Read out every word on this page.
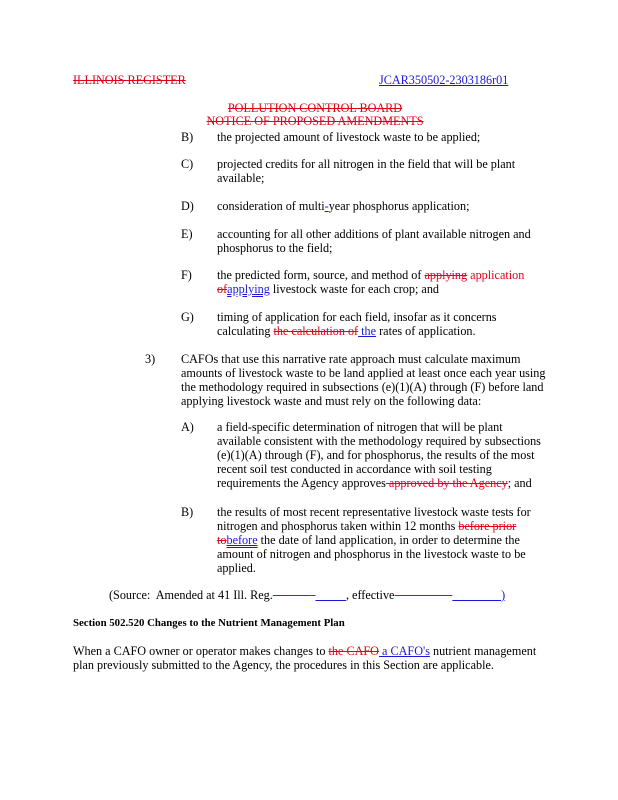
ILLINOIS REGISTER	JCAR350502-2303186r01
POLLUTION CONTROL BOARD
NOTICE OF PROPOSED AMENDMENTS
B) the projected amount of livestock waste to be applied;
C) projected credits for all nitrogen in the field that will be plant
available;
D) consideration of multi-year phosphorus application;
E) accounting for all other additions of plant available nitrogen and
phosphorus to the field;
F) the predicted form, source, and method of applying application
ofapplying livestock waste for each crop; and
G) timing of application for each field, insofar as it concerns
calculating the calculation of the rates of application.
3) CAFOs that use this narrative rate approach must calculate maximum
amounts of livestock waste to be land applied at least once each year using
the methodology required in subsections (e)(1)(A) through (F) before land
applying livestock waste and must rely on the following data:
A) a field-specific determination of nitrogen that will be plant
available consistent with the methodology required by subsections
(e)(1)(A) through (F), and for phosphorus, the results of the most
recent soil test conducted in accordance with soil testing
requirements the Agency approves approved by the Agency; and
B) the results of most recent representative livestock waste tests for
nitrogen and phosphorus taken within 12 months before prior
tobefore the date of land application, in order to determine the
amount of nitrogen and phosphorus in the livestock waste to be
applied.
(Source:  Amended at 41 Ill. Reg.	, effective	)
Section 502.520 Changes to the Nutrient Management Plan
When a CAFO owner or operator makes changes to the CAFO a CAFO's nutrient management
plan previously submitted to the Agency, the procedures in this Section are applicable.
